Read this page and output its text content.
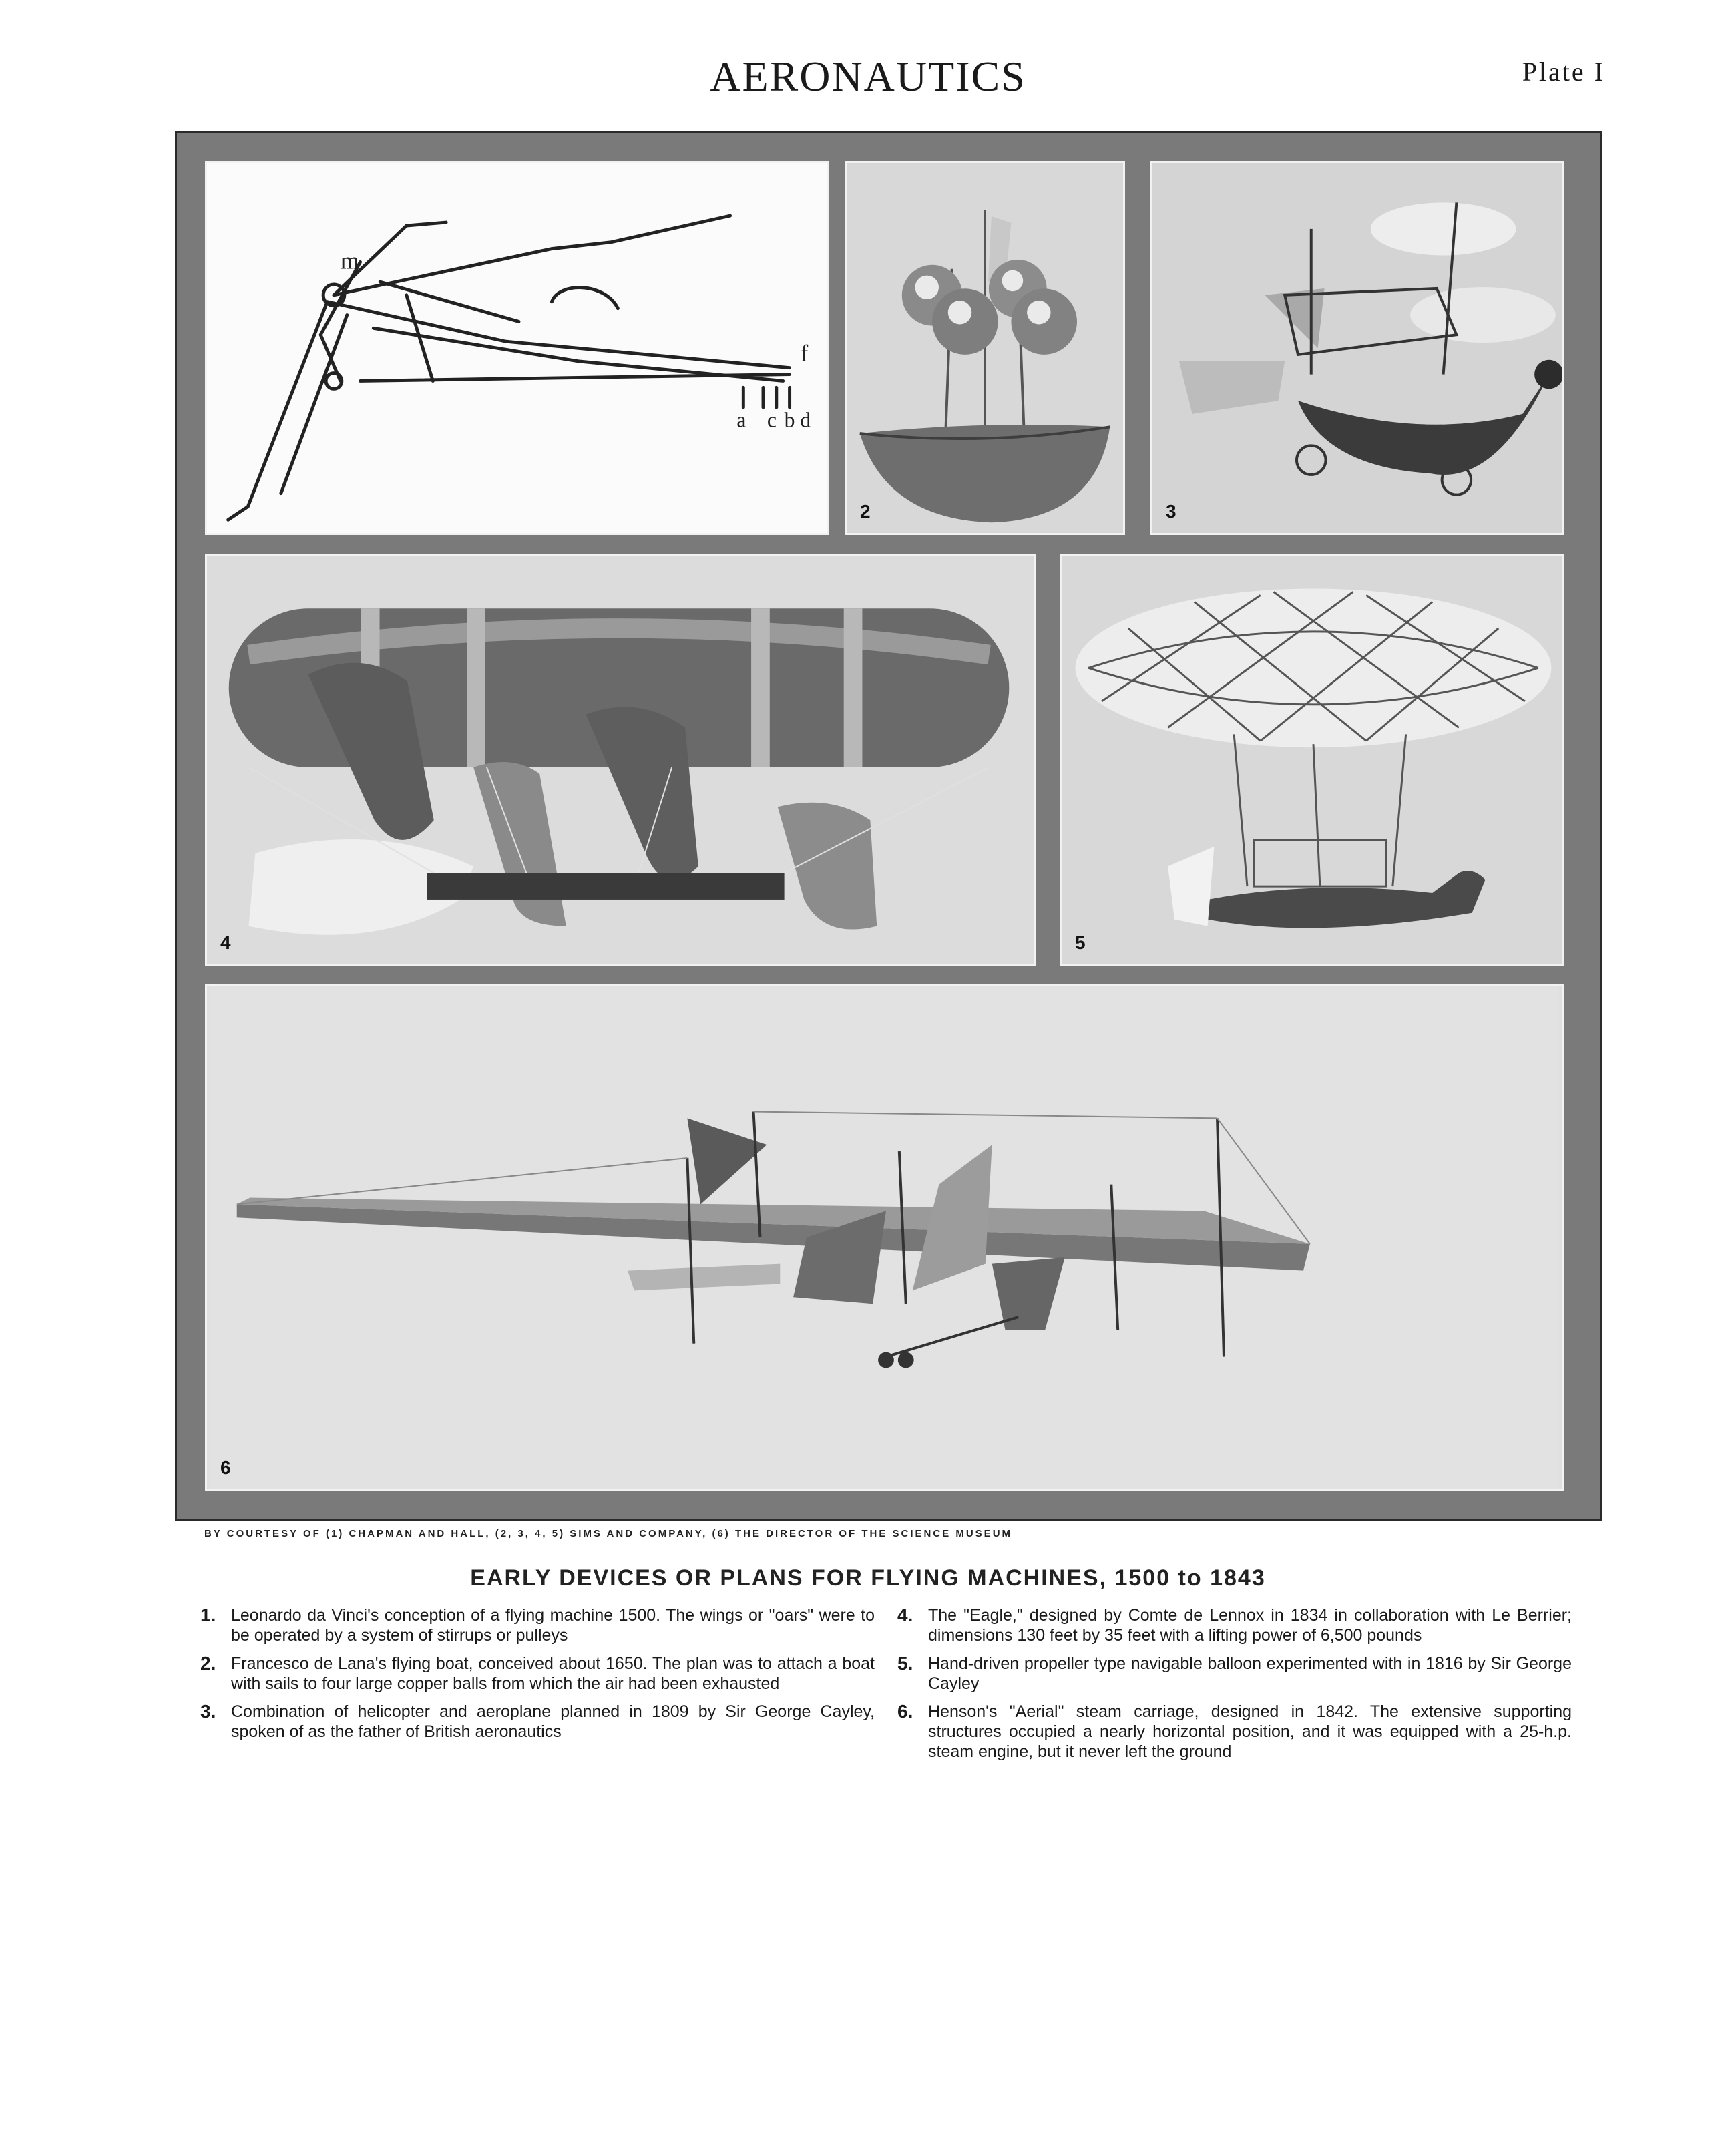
AERONAUTICS	Plate I
m
f
a c b d
2	3
4	5
6
BY COURTESY OF (1) CHAPMAN AND HALL, (2, 3, 4, 5) SIMS AND COMPANY, (6) THE DIRECTOR OF THE SCIENCE MUSEUM
EARLY DEVICES OR PLANS FOR FLYING MACHINES, 1500 to 1843
1. Leonardo da Vinci's conception of a flying machine 1500. The wings or "oars" were to be operated by a system of stirrups or pulleys
2. Francesco de Lana's flying boat, conceived about 1650. The plan was to attach a boat with sails to four large copper balls from which the air had been exhausted
3. Combination of helicopter and aeroplane planned in 1809 by Sir George Cayley, spoken of as the father of British aeronautics
4. The "Eagle," designed by Comte de Lennox in 1834 in collaboration with Le Berrier; dimensions 130 feet by 35 feet with a lifting power of 6,500 pounds
5. Hand-driven propeller type navigable balloon experimented with in 1816 by Sir George Cayley
6. Henson's "Aerial" steam carriage, designed in 1842. The extensive supporting structures occupied a nearly horizontal position, and it was equipped with a 25-h.p. steam engine, but it never left the ground
